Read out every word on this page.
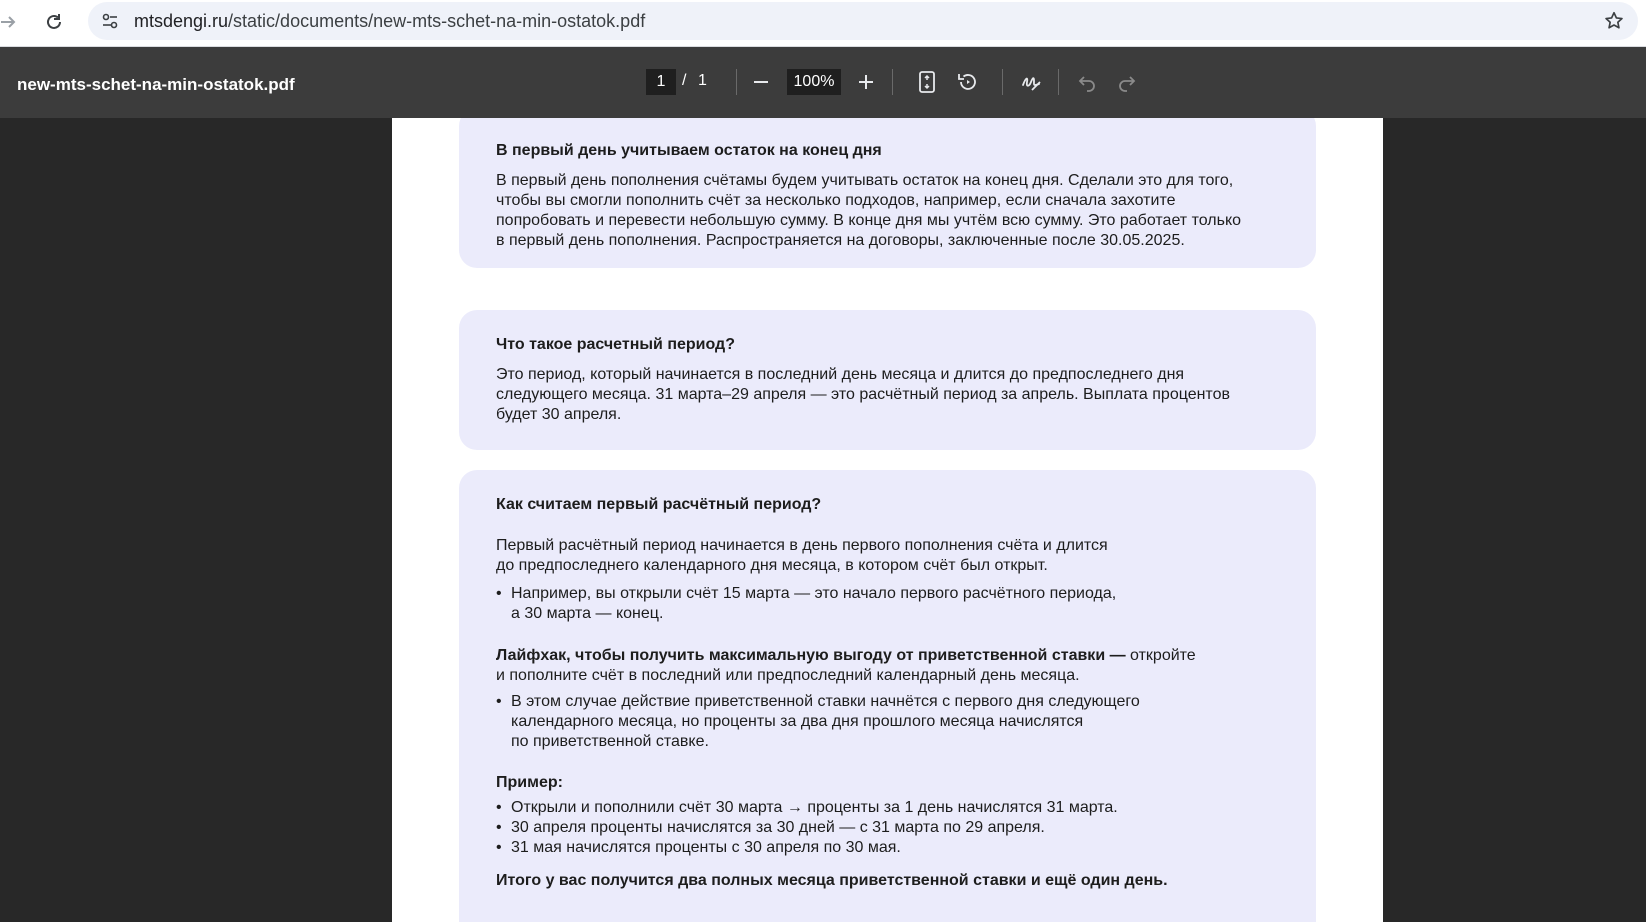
mtsdengi.ru/static/documents/new-mts-schet-na-min-ostatok.pdf
new-mts-schet-na-min-ostatok.pdf	1	/ 1	100%
В первый день учитываем остаток на конец дня

В первый день пополнения счётамы будем учитывать остаток на конец дня. Сделали это для того,

чтобы вы смогли пополнить счёт за несколько подходов, например, если сначала захотите

попробовать и перевести небольшую сумму. В конце дня мы учтём всю сумму. Это работает только

в первый день пополнения. Распространяется на договоры, заключенные после 30.05.2025.

Что такое расчетный период?

Это период, который начинается в последний день месяца и длится до предпоследнего дня

следующего месяца. 31 марта–29 апреля — это расчётный период за апрель. Выплата процентов

будет 30 апреля.

Как считаем первый расчётный период?

Первый расчётный период начинается в день первого пополнения счёта и длится

до предпоследнего календарного дня месяца, в котором счёт был открыт.

• Например, вы открыли счёт 15 марта — это начало первого расчётного периода,

а 30 марта — конец.

Лайфхак, чтобы получить максимальную выгоду от приветственной ставки — откройте

и пополните счёт в последний или предпоследний календарный день месяца.

• В этом случае действие приветственной ставки начнётся с первого дня следующего

календарного месяца, но проценты за два дня прошлого месяца начислятся

по приветственной ставке.

Пример:
• Открыли и пополнили счёт 30 марта → проценты за 1 день начислятся 31 марта.

• 30 апреля проценты начислятся за 30 дней — с 31 марта по 29 апреля.

• 31 мая начислятся проценты с 30 апреля по 30 мая.

Итого у вас получится два полных месяца приветственной ставки и ещё один день.
